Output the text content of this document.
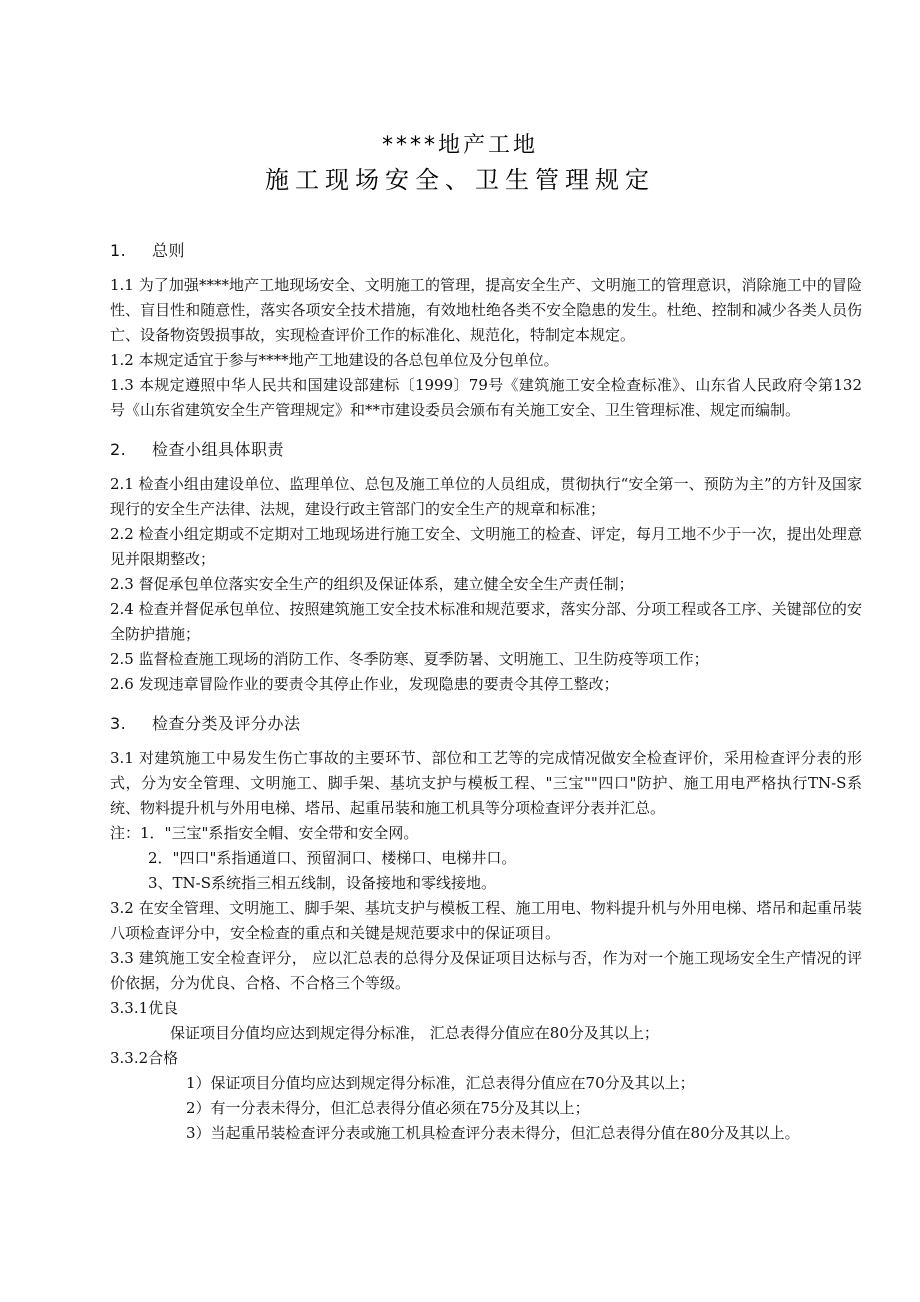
****地产工地
施工现场安全、卫生管理规定
1. 总则

1.1 为了加强****地产工地现场安全、文明施工的管理，提高安全生产、文明施工的管理意识，消除施工中的冒险性、盲目性和随意性，落实各项安全技术措施，有效地杜绝各类不安全隐患的发生。杜绝、控制和减少各类人员伤亡、设备物资毁损事故，实现检查评价工作的标准化、规范化，特制定本规定。

1.2 本规定适宜于参与****地产工地建设的各总包单位及分包单位。

1.3 本规定遵照中华人民共和国建设部建标〔1999〕79号《建筑施工安全检查标准》、山东省人民政府令第132号《山东省建筑安全生产管理规定》和**市建设委员会颁布有关施工安全、卫生管理标准、规定而编制。

2. 检查小组具体职责

2.1 检查小组由建设单位、监理单位、总包及施工单位的人员组成，贯彻执行“安全第一、预防为主”的方针及国家现行的安全生产法律、法规，建设行政主管部门的安全生产的规章和标准；

2.2 检查小组定期或不定期对工地现场进行施工安全、文明施工的检查、评定，每月工地不少于一次，提出处理意见并限期整改；

2.3 督促承包单位落实安全生产的组织及保证体系，建立健全安全生产责任制；

2.4 检查并督促承包单位、按照建筑施工安全技术标准和规范要求，落实分部、分项工程或各工序、关键部位的安全防护措施；

2.5 监督检查施工现场的消防工作、冬季防寒、夏季防暑、文明施工、卫生防疫等项工作；

2.6 发现违章冒险作业的要责令其停止作业，发现隐患的要责令其停工整改；

3. 检查分类及评分办法

3.1 对建筑施工中易发生伤亡事故的主要环节、部位和工艺等的完成情况做安全检查评价，采用检查评分表的形式，分为安全管理、文明施工、脚手架、基坑支护与模板工程、"三宝""四口"防护、施工用电严格执行TN-S系统、物料提升机与外用电梯、塔吊、起重吊装和施工机具等分项检查评分表并汇总。

注：1．"三宝"系指安全帽、安全带和安全网。

2．"四口"系指通道口、预留洞口、楼梯口、电梯井口。

3、TN-S系统指三相五线制，设备接地和零线接地。

3.2 在安全管理、文明施工、脚手架、基坑支护与模板工程、施工用电、物料提升机与外用电梯、塔吊和起重吊装八项检查评分中，安全检查的重点和关键是规范要求中的保证项目。

3.3 建筑施工安全检查评分， 应以汇总表的总得分及保证项目达标与否，作为对一个施工现场安全生产情况的评价依据，分为优良、合格、不合格三个等级。

3.3.1优良

保证项目分值均应达到规定得分标准， 汇总表得分值应在80分及其以上；

3.3.2合格

1）保证项目分值均应达到规定得分标准，汇总表得分值应在70分及其以上；

2）有一分表未得分，但汇总表得分值必须在75分及其以上；

3）当起重吊装检查评分表或施工机具检查评分表未得分，但汇总表得分值在80分及其以上。
